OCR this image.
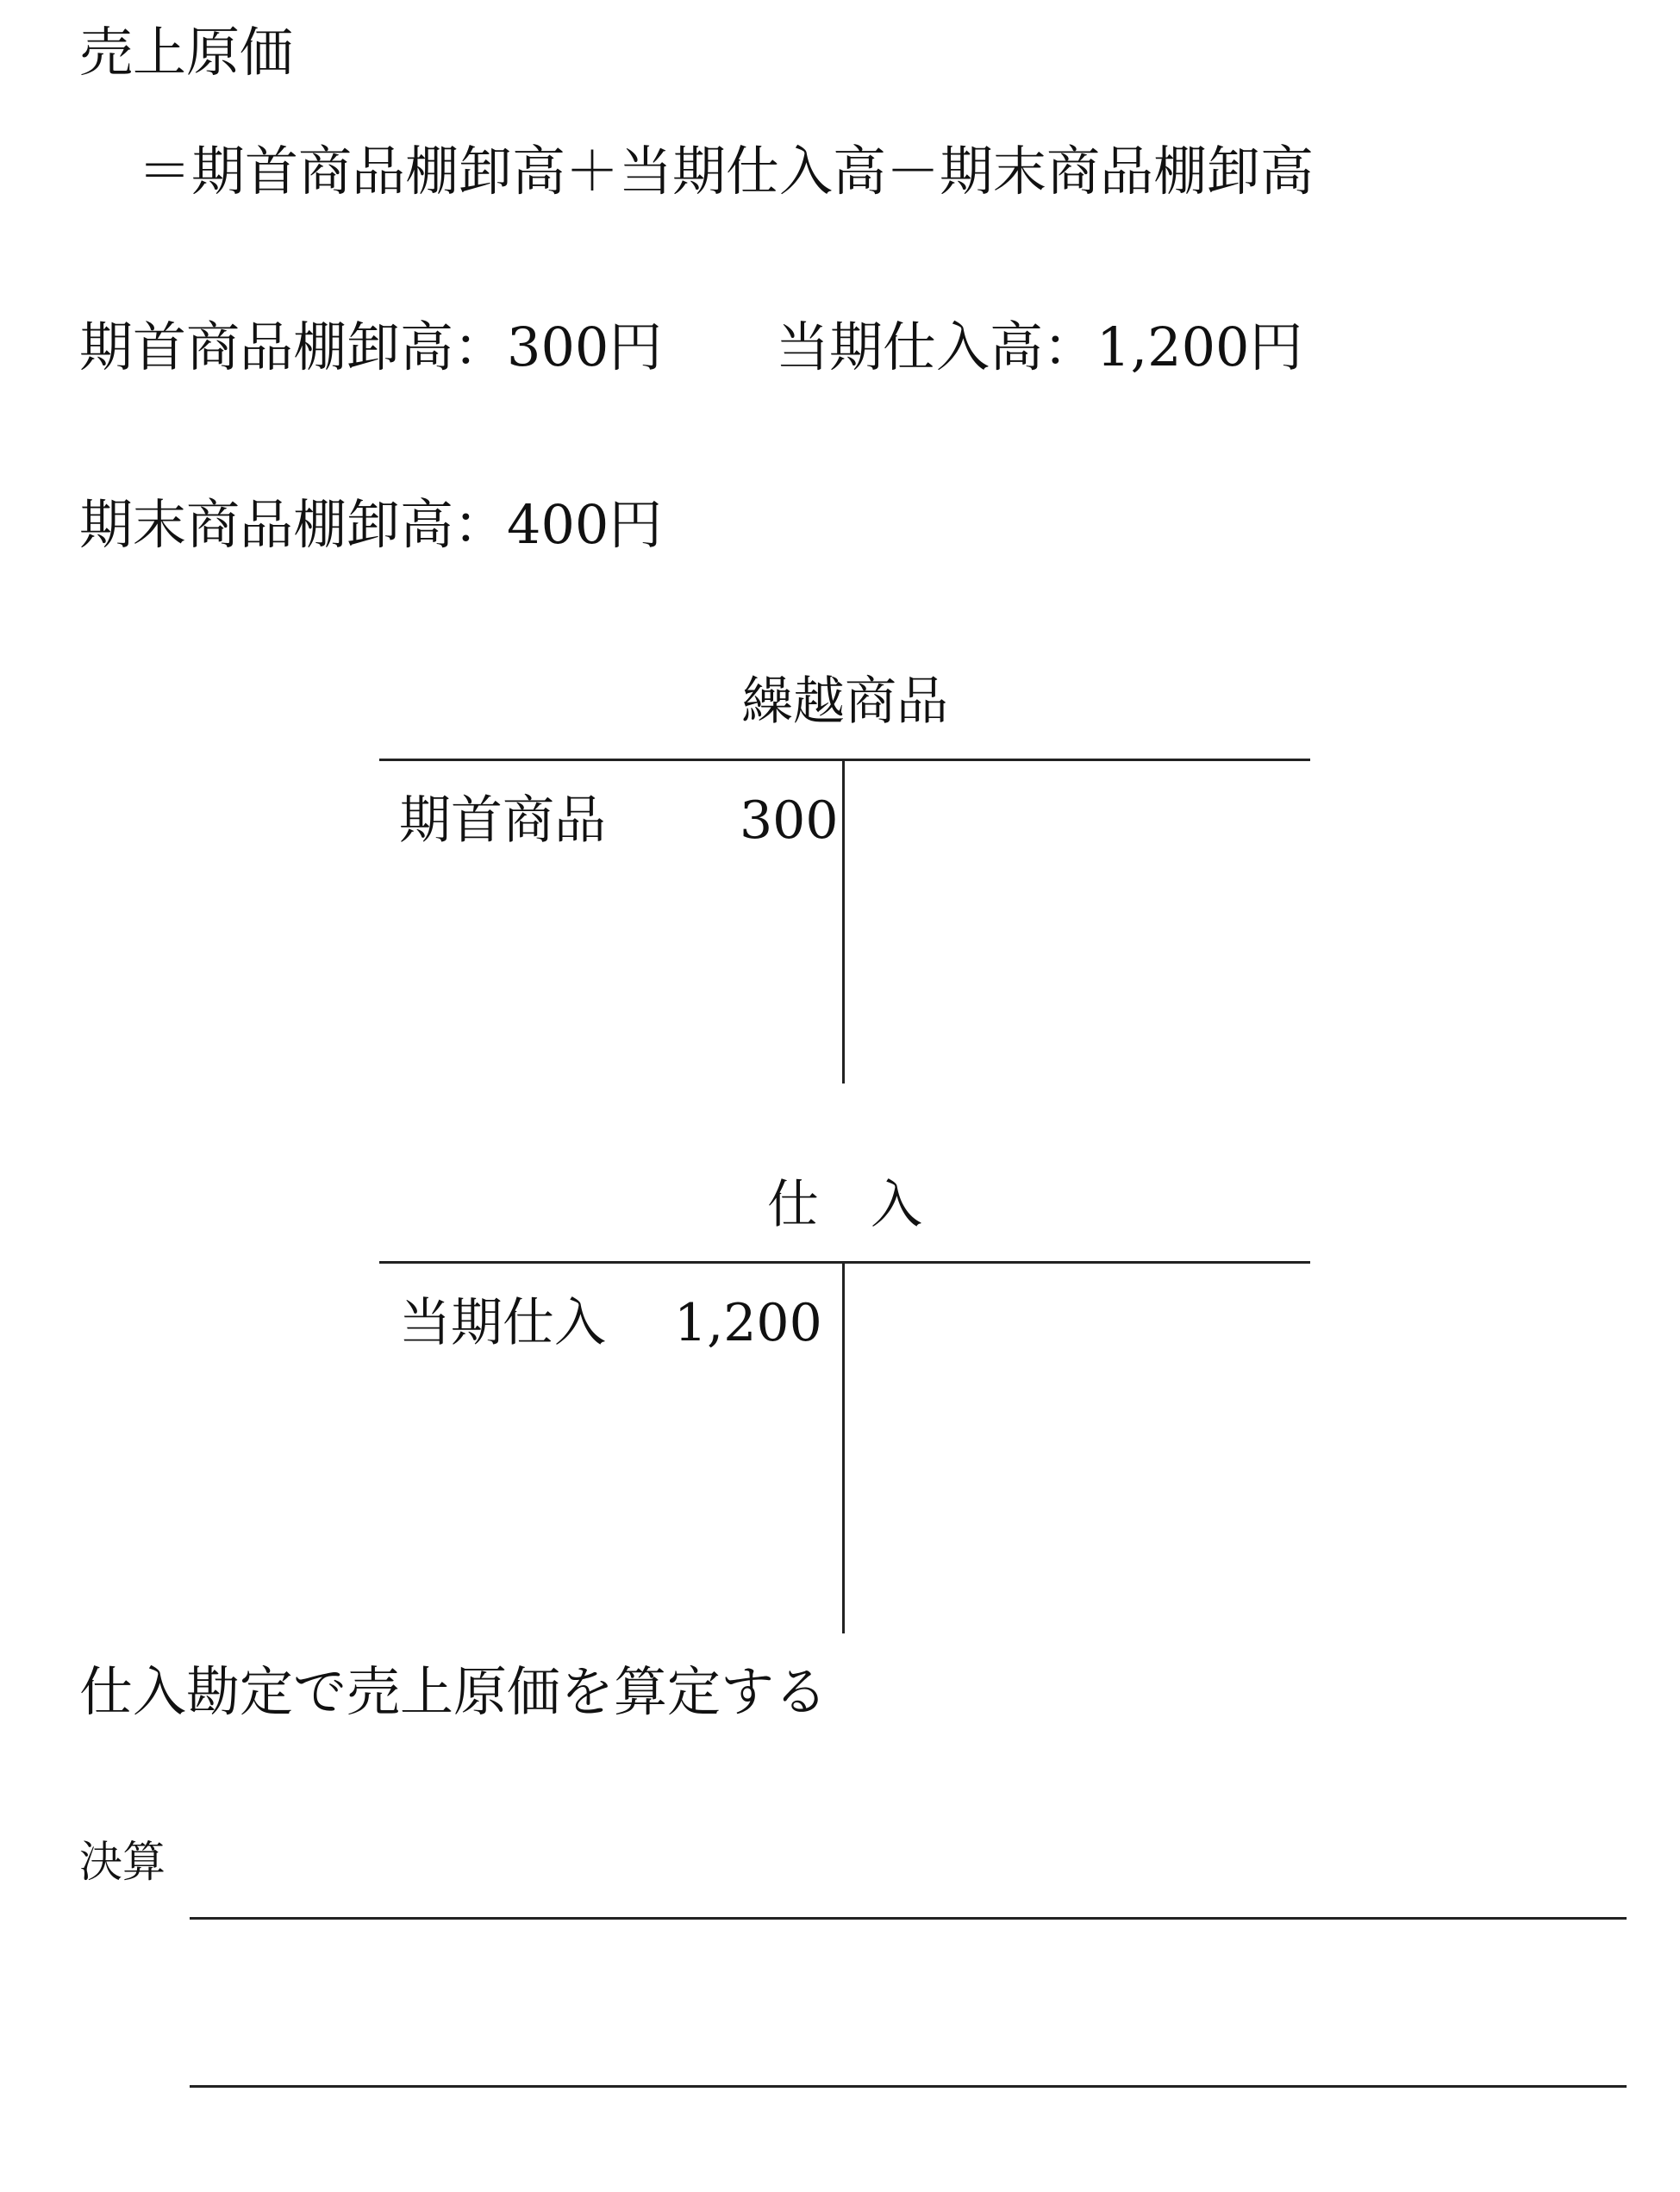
売上原価
＝期首商品棚卸高＋当期仕入高－期末商品棚卸高
期首商品棚卸高：300円 当期仕入高：1,200円
期末商品棚卸高：400円
繰越商品
期首商品	300
仕　入
当期仕入 1,200
仕入勘定で売上原価を算定する
決算
